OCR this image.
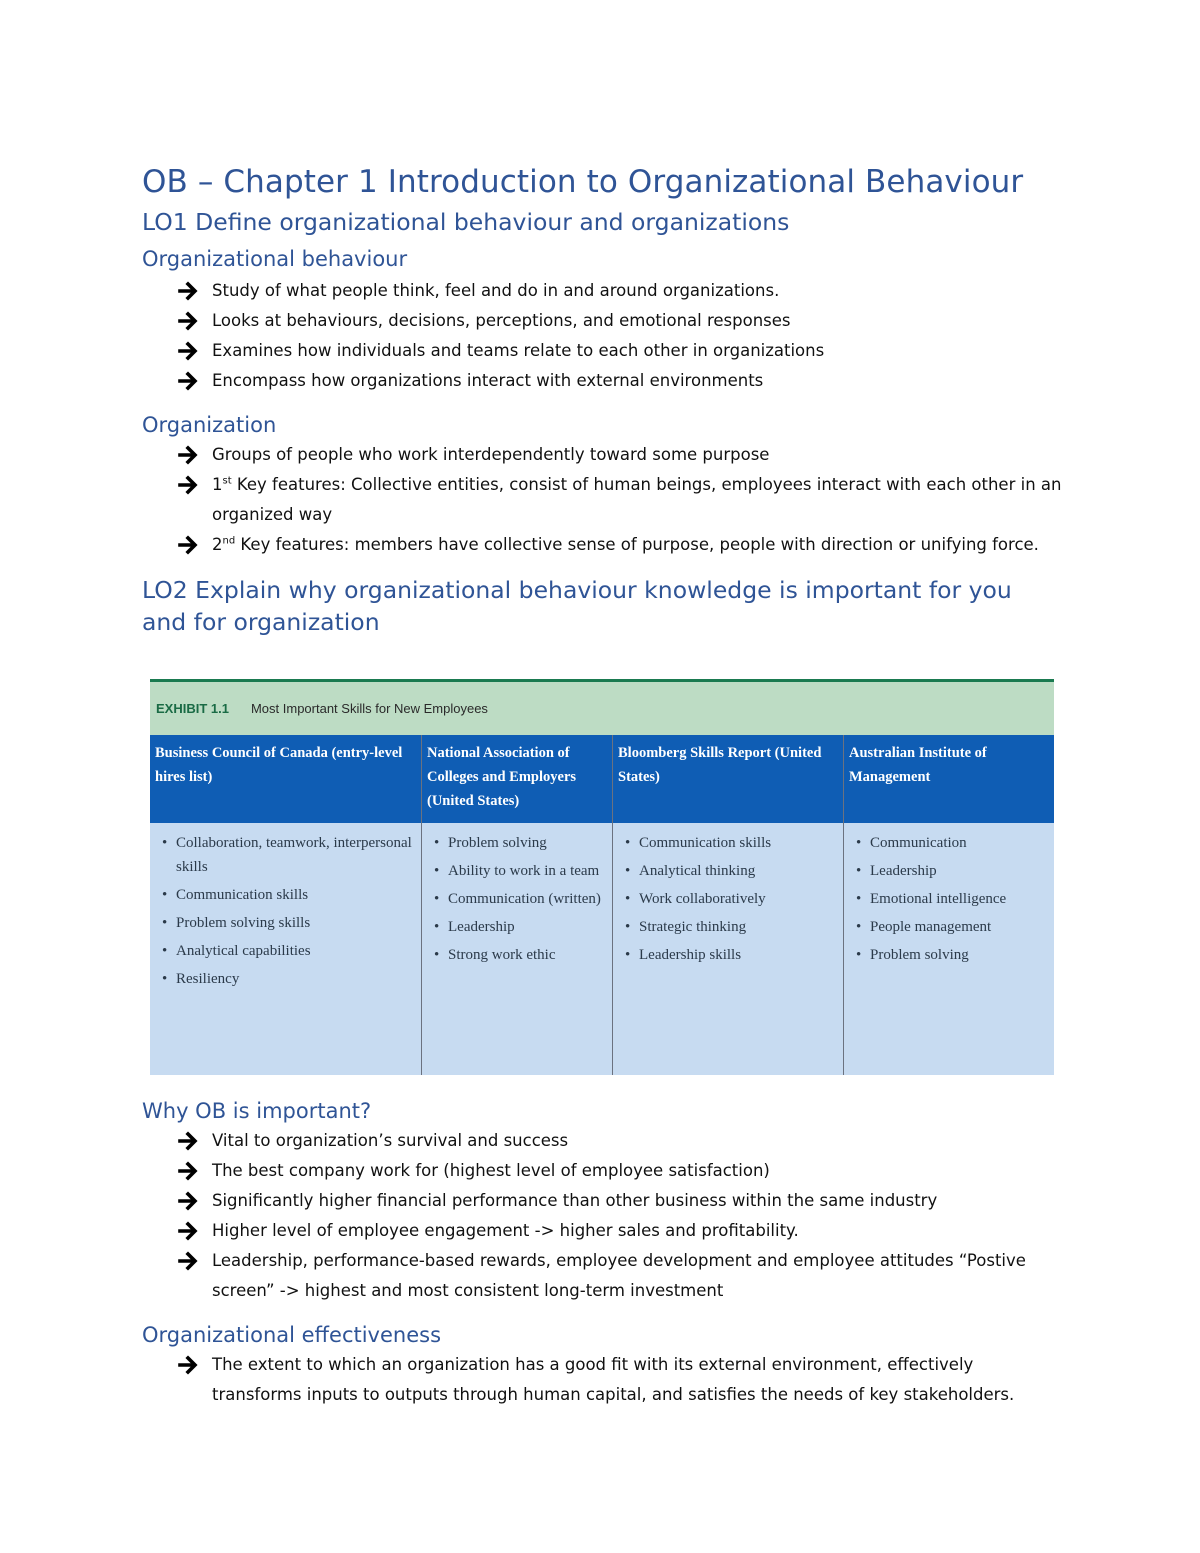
OB – Chapter 1 Introduction to Organizational Behaviour
LO1 Define organizational behaviour and organizations
Organizational behaviour
Study of what people think, feel and do in and around organizations.
Looks at behaviours, decisions, perceptions, and emotional responses
Examines how individuals and teams relate to each other in organizations
Encompass how organizations interact with external environments
Organization
Groups of people who work interdependently toward some purpose
1st Key features: Collective entities, consist of human beings, employees interact with each other in an organized way
2nd Key features: members have collective sense of purpose, people with direction or unifying force.
LO2 Explain why organizational behaviour knowledge is important for you and for organization
EXHIBIT 1.1 Most Important Skills for New Employees
Business Council of Canada (entry-level hires list)
• Collaboration, teamwork, interpersonal skills
• Communication skills
• Problem solving skills
• Analytical capabilities
• Resiliency
National Association of Colleges and Employers (United States)
• Problem solving
• Ability to work in a team
• Communication (written)
• Leadership
• Strong work ethic
Bloomberg Skills Report (United States)
• Communication skills
• Analytical thinking
• Work collaboratively
• Strategic thinking
• Leadership skills
Australian Institute of Management
• Communication
• Leadership
• Emotional intelligence
• People management
• Problem solving
Why OB is important?
Vital to organization’s survival and success
The best company work for (highest level of employee satisfaction)
Significantly higher financial performance than other business within the same industry
Higher level of employee engagement -> higher sales and profitability.
Leadership, performance-based rewards, employee development and employee attitudes “Postive screen” -> highest and most consistent long-term investment
Organizational effectiveness
The extent to which an organization has a good fit with its external environment, effectively transforms inputs to outputs through human capital, and satisfies the needs of key stakeholders.
